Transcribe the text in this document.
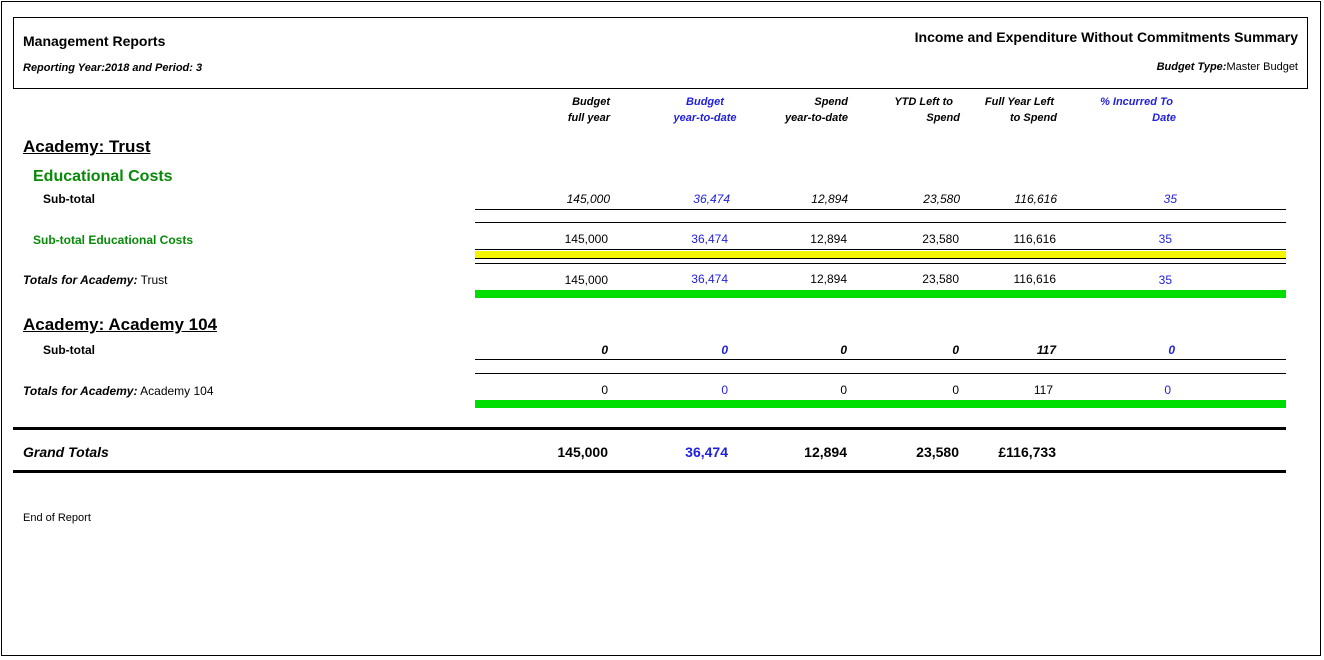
Management Reports
Reporting Year:2018 and Period: 3
Income and Expenditure Without Commitments Summary
Budget Type:Master Budget
Budget
full year
Budget
year-to-date
Spend
year-to-date
YTD Left to
Spend
Full Year Left
to Spend
% Incurred To
Date
Academy: Trust
Educational Costs
Sub-total	145,000	36,474	12,894	23,580	116,616	35
Sub-total Educational Costs	145,000	36,474	12,894	23,580	116,616	35
Totals for Academy: Trust	145,000	36,474	12,894	23,580	116,616	35
Academy: Academy 104
Sub-total	0	0	0	0	117	0
Totals for Academy: Academy 104	0	0	0	0	117	0
Grand Totals	145,000	36,474	12,894	23,580	£116,733
End of Report
